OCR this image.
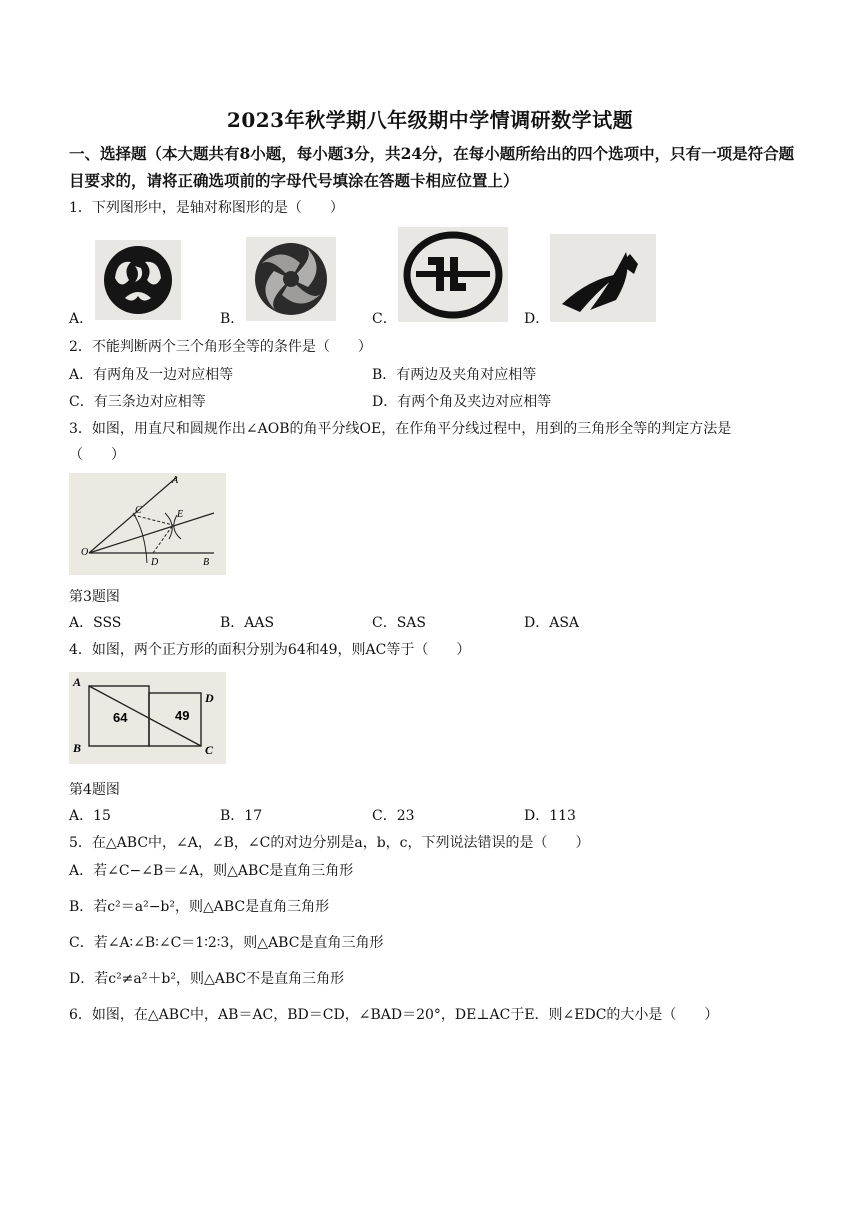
2023年秋学期八年级期中学情调研数学试题
一、选择题（本大题共有8小题，每小题3分，共24分，在每小题所给出的四个选项中，只有一项是符合题目要求的，请将正确选项前的字母代号填涂在答题卡相应位置上）
1．下列图形中，是轴对称图形的是（　　）
A．	B．	C．	D．
2．不能判断两个三个角形全等的条件是（　　）
A．有两角及一边对应相等	B．有两边及夹角对应相等
C．有三条边对应相等	D．有两个角及夹边对应相等
3．如图，用直尺和圆规作出∠AOB的角平分线OE，在作角平分线过程中，用到的三角形全等的判定方法是
（　　）
A
C	E
O
D	B
第3题图
A．SSS	B．AAS	C．SAS	D．ASA
4．如图，两个正方形的面积分别为64和49，则AC等于（　　）
A
B
64	49
D
C
第4题图
A．15	B．17	C．23	D．113
5．在△ABC中，∠A，∠B，∠C的对边分别是a，b，c，下列说法错误的是（　　）
A．若∠C−∠B＝∠A，则△ABC是直角三角形
B．若c²＝a²−b²，则△ABC是直角三角形
C．若∠A∶∠B∶∠C＝1∶2∶3，则△ABC是直角三角形
D．若c²≠a²＋b²，则△ABC不是直角三角形
6．如图，在△ABC中，AB＝AC，BD＝CD，∠BAD＝20°，DE⊥AC于E．则∠EDC的大小是（　　）
